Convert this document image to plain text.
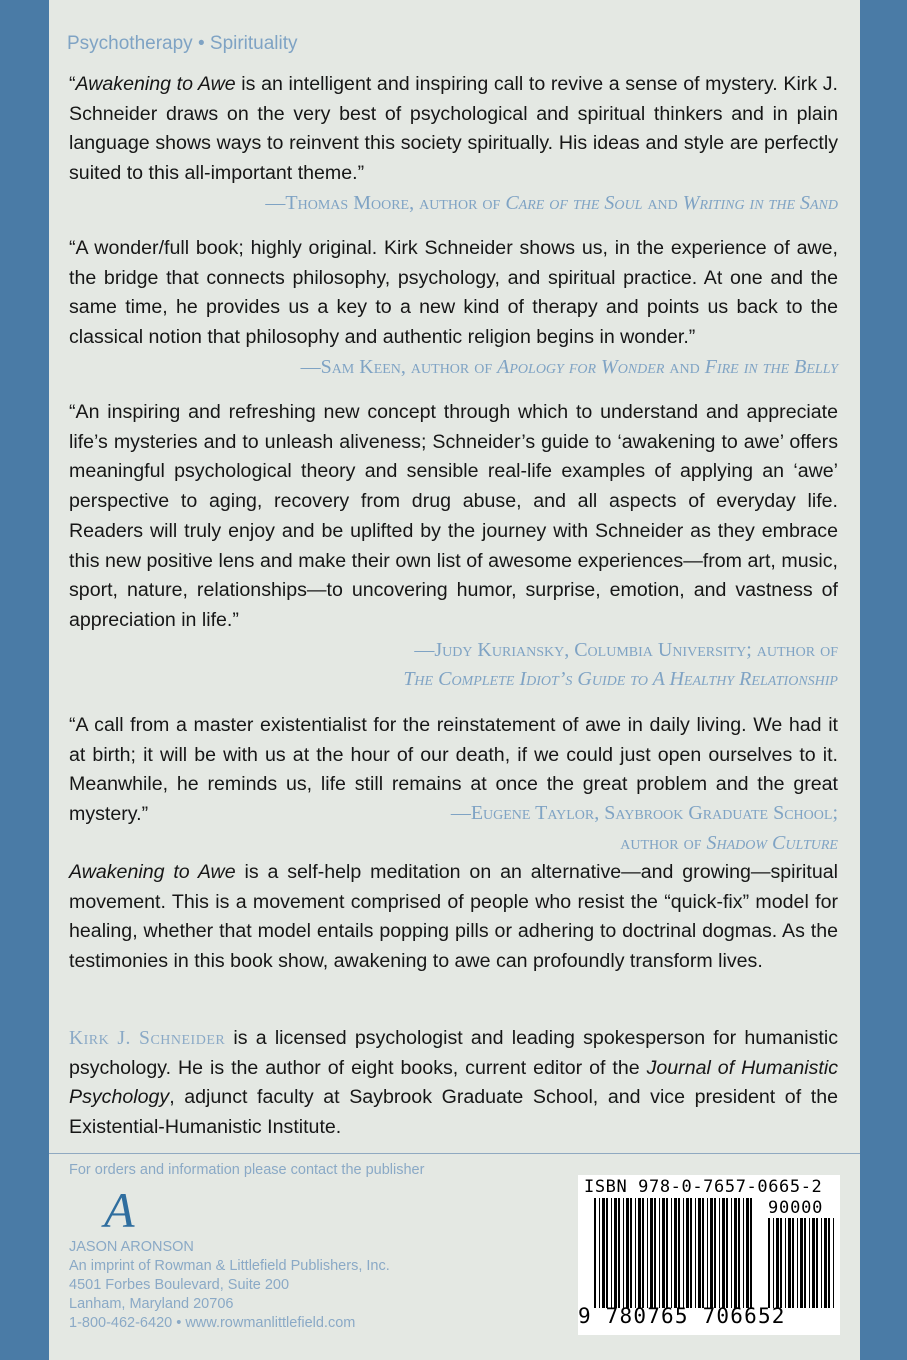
Psychotherapy • Spirituality

“Awakening to Awe is an intelligent and inspiring call to revive a sense of mystery. Kirk J. Schneider draws on the very best of psychological and spiritual thinkers and in plain language shows ways to reinvent this society spiritually. His ideas and style are perfectly suited to this all-important theme.”

—Thomas Moore, author of Care of the Soul and Writing in the Sand

“A wonder/full book; highly original. Kirk Schneider shows us, in the experience of awe, the bridge that connects philosophy, psychology, and spiritual practice. At one and the same time, he provides us a key to a new kind of therapy and points us back to the classical notion that philosophy and authentic religion begins in wonder.”

—Sam Keen, author of Apology for Wonder and Fire in the Belly

“An inspiring and refreshing new concept through which to understand and appreciate life’s mysteries and to unleash aliveness; Schneider’s guide to ‘awakening to awe’ offers meaningful psychological theory and sensible real-life examples of applying an ‘awe’ perspective to aging, recovery from drug abuse, and all aspects of everyday life. Readers will truly enjoy and be uplifted by the journey with Schneider as they embrace this new positive lens and make their own list of awesome experiences—from art, music, sport, nature, relationships—to uncovering humor, surprise, emotion, and vastness of appreciation in life.”

—Judy Kuriansky, Columbia University; author of
The Complete Idiot’s Guide to A Healthy Relationship

“A call from a master existentialist for the reinstatement of awe in daily living. We had it at birth; it will be with us at the hour of our death, if we could just open ourselves to it. Meanwhile, he reminds us, life still remains at once the great problem and the great mystery.”	—Eugene Taylor, Saybrook Graduate School;
author of Shadow Culture

Awakening to Awe is a self-help meditation on an alternative—and growing—spiritual movement. This is a movement comprised of people who resist the “quick-fix” model for healing, whether that model entails popping pills or adhering to doctrinal dogmas. As the testimonies in this book show, awakening to awe can profoundly transform lives.

Kirk J. Schneider is a licensed psychologist and leading spokesperson for humanistic psychology. He is the author of eight books, current editor of the Journal of Humanistic Psychology, adjunct faculty at Saybrook Graduate School, and vice president of the Existential-Humanistic Institute.

For orders and information please contact the publisher
A
JASON ARONSON
An imprint of Rowman & Littlefield Publishers, Inc.
4501 Forbes Boulevard, Suite 200
Lanham, Maryland 20706
1-800-462-6420 • www.rowmanlittlefield.com
ISBN 978-0-7657-0665-2
90000
9 780765 706652
